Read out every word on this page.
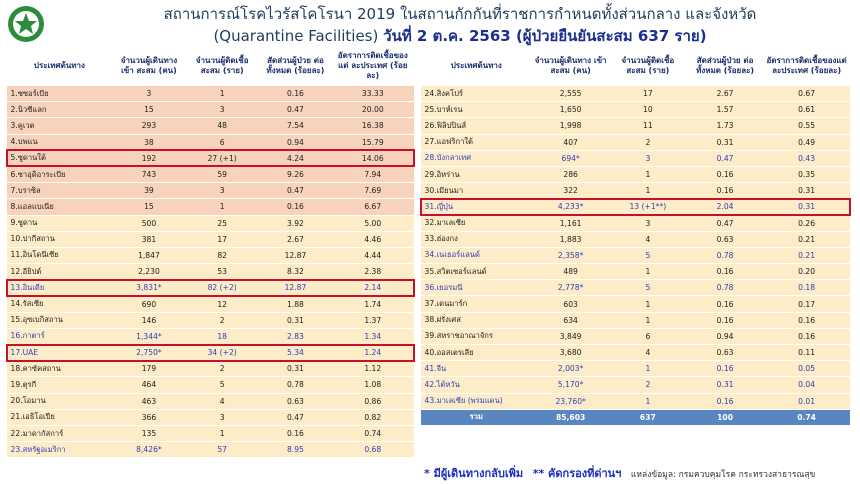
สถานการณ์โรคไวรัสโคโรนา 2019 ในสถานกักกันที่ราชการกำหนดทั้งส่วนกลาง และจังหวัด
(Quarantine Facilities) วันที่ 2 ต.ค. 2563 (ผู้ป่วยยืนยันสะสม 637 ราย)
ประเทศต้นทาง	จำนวนผู้เดินทาง เข้า สะสม (คน)	จำนวนผู้ติดเชื้อ สะสม (ราย)	สัดส่วนผู้ป่วย ต่อทั้งหมด (ร้อยละ)	อัตราการติดเชื้อของแต่ ละประเทศ (ร้อยละ)
1.ซซอร์เบีย	3	1	0.16	33.33
2.นิวซีแลก	15	3	0.47	20.00
3.คูเวต	293	48	7.54	16.38
4.บพแน	38	6	0.94	15.79
5.ซูดานใต้	192	27 (+1)	4.24	14.06
6.ซาอุดิอาระเบีย	743	59	9.26	7.94
7.บราซิล	39	3	0.47	7.69
8.แอลแบเนีย	15	1	0.16	6.67
9.ซูดาน	500	25	3.92	5.00
10.ปากีสถาน	381	17	2.67	4.46
11.อินโดนีเซีย	1,847	82	12.87	4.44
12.อียิปต์	2,230	53	8.32	2.38
13.อินเดีย	3,831*	82 (+2)	12.87	2.14
14.รัสเซีย	690	12	1.88	1.74
15.อุซเบกิสถาน	146	2	0.31	1.37
16.กาตาร์	1,344*	18	2.83	1.34
17.UAE	2,750*	34 (+2)	5.34	1.24
18.คาซัคสถาน	179	2	0.31	1.12
19.ตุรกี	464	5	0.78	1.08
20.โอมาน	463	4	0.63	0.86
21.เอธิโอเปีย	366	3	0.47	0.82
22.มาดากัสการ์	135	1	0.16	0.74
23.สหรัฐอเมริกา	8,426*	57	8.95	0.68
ประเทศต้นทาง	จำนวนผู้เดินทาง เข้า สะสม (คน)	จำนวนผู้ติดเชื้อ สะสม (ราย)	สัดส่วนผู้ป่วย ต่อทั้งหมด (ร้อยละ)	อัตราการติดเชื้อของแต่ ละประเทศ (ร้อยละ)
24.สิงคโปร์	2,555	17	2.67	0.67
25.บาห์เรน	1,650	10	1.57	0.61
26.ฟิลิปปินส์	1,998	11	1.73	0.55
27.แอฟริกาใต้	407	2	0.31	0.49
28.บังกลาเทศ	694*	3	0.47	0.43
29.อิหร่าน	286	1	0.16	0.35
30.เมียนมา	322	1	0.16	0.31
31.ญี่ปุ่น	4,233*	13 (+1**)	2.04	0.31
32.มาเลเซีย	1,161	3	0.47	0.26
33.ฮ่องกง	1,883	4	0.63	0.21
34.เนเธอร์แลนด์	2,358*	5	0.78	0.21
35.สวิตเซอร์แลนด์	489	1	0.16	0.20
36.เยอรมนี	2,778*	5	0.78	0.18
37.เดนมาร์ก	603	1	0.16	0.17
38.ฝรั่งเศส	634	1	0.16	0.16
39.สหราชอาณาจักร	3,849	6	0.94	0.16
40.ออสเตรเลีย	3,680	4	0.63	0.11
41.จีน	2,003*	1	0.16	0.05
42.ไต้หวัน	5,170*	2	0.31	0.04
43.มาเลเซีย (พรมแดน)	23,760*	1	0.16	0.01
รวม	85,603	637	100	0.74
* มีผู้เดินทางกลับเพิ่ม ** คัดกรองที่ด่านฯ แหล่งข้อมูล: กรมควบคุมโรค กระทรวงสาธารณสุข
